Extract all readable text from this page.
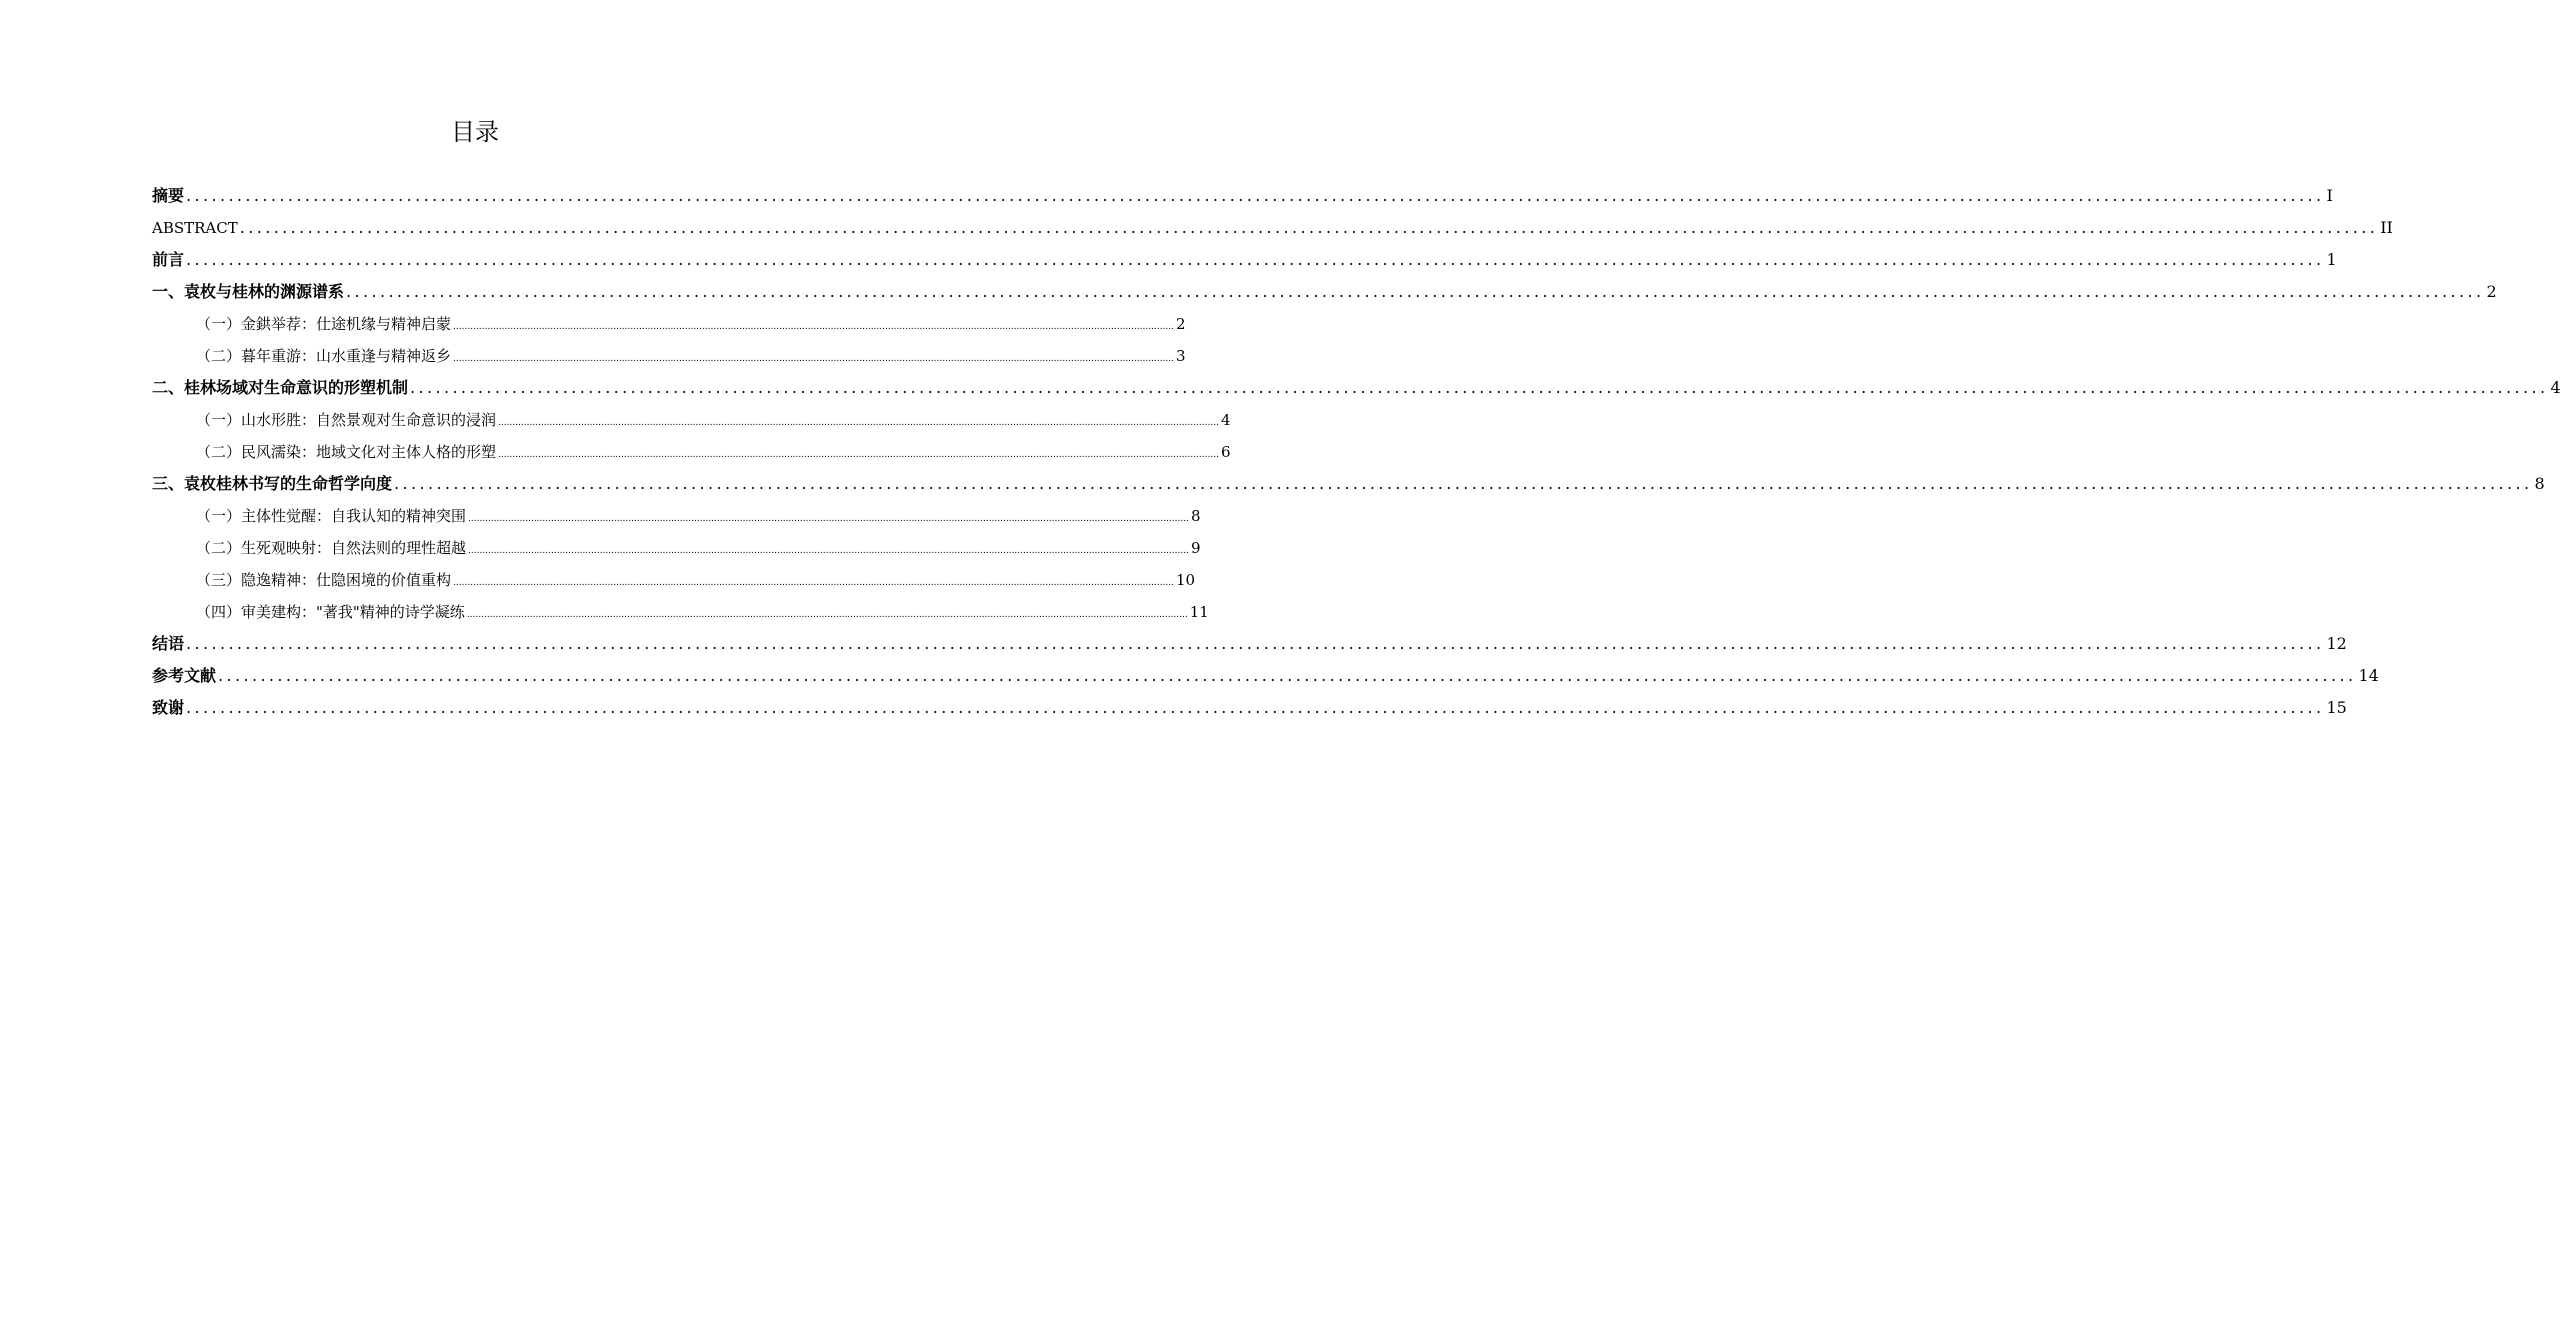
目录
摘要 ............................................................................................................................................................................................................................................................ I
ABSTRACT ............................................................................................................................................................................................................................................................ II
前言 ............................................................................................................................................................................................................................................................ 1
一、袁枚与桂林的渊源谱系 ............................................................................................................................................................................................................................................................ 2
（一）金鉷举荐：仕途机缘与精神启蒙 ............................................................................................................................................................................................................................................................ 2
（二）暮年重游：山水重逢与精神返乡 ............................................................................................................................................................................................................................................................ 3
二、桂林场域对生命意识的形塑机制 ............................................................................................................................................................................................................................................................ 4
（一）山水形胜：自然景观对生命意识的浸润 ............................................................................................................................................................................................................................................................ 4
（二）民风濡染：地域文化对主体人格的形塑 ............................................................................................................................................................................................................................................................ 6
三、袁枚桂林书写的生命哲学向度 ............................................................................................................................................................................................................................................................ 8
（一）主体性觉醒：自我认知的精神突围 ............................................................................................................................................................................................................................................................ 8
（二）生死观映射：自然法则的理性超越 ............................................................................................................................................................................................................................................................ 9
（三）隐逸精神：仕隐困境的价值重构 ............................................................................................................................................................................................................................................................ 10
（四）审美建构："著我"精神的诗学凝练 ............................................................................................................................................................................................................................................................ 11
结语 ............................................................................................................................................................................................................................................................ 12
参考文献 ............................................................................................................................................................................................................................................................ 14
致谢 ............................................................................................................................................................................................................................................................ 15
